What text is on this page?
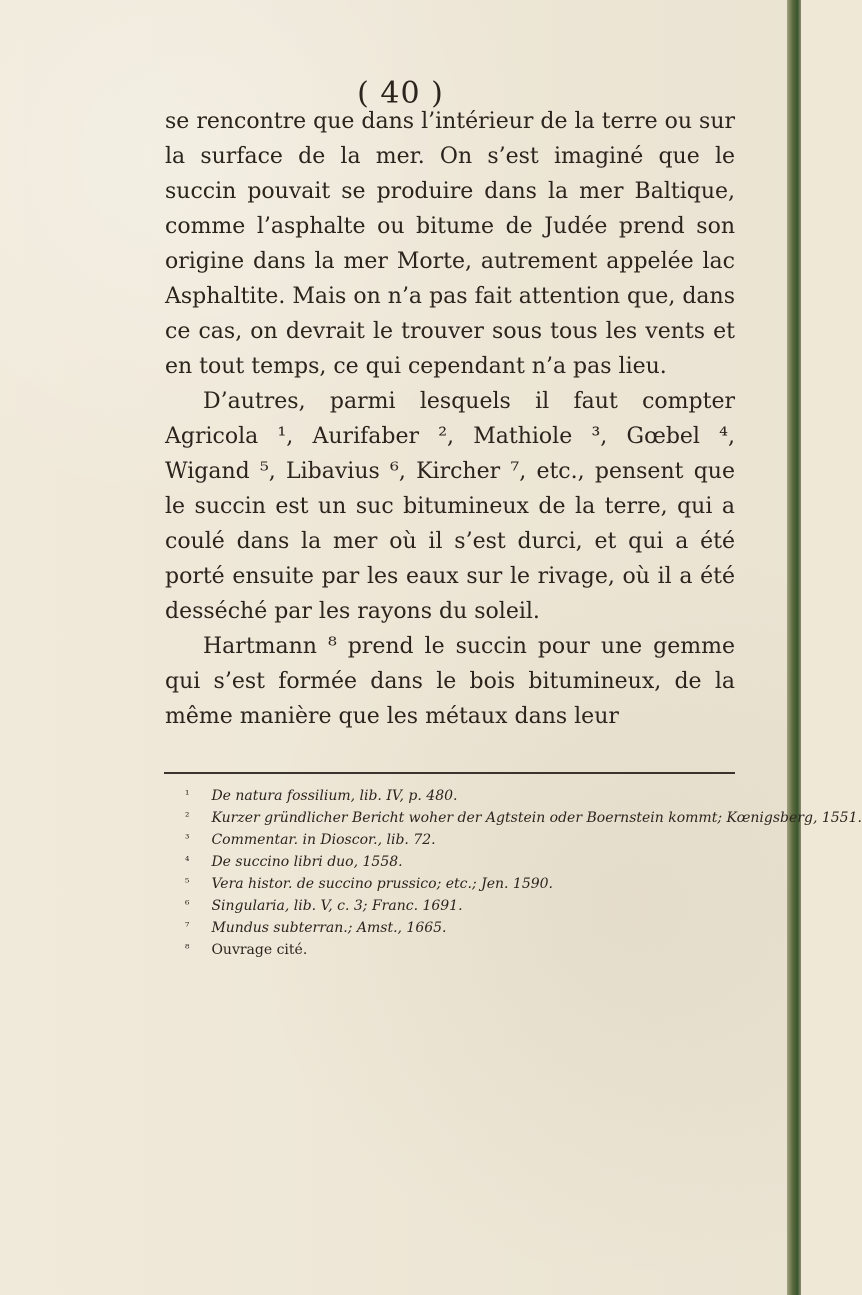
( 40 )

se rencontre que dans l’intérieur de la terre ou sur la surface de la mer. On s’est imaginé que le succin pouvait se produire dans la mer Baltique, comme l’asphalte ou bitume de Judée prend son origine dans la mer Morte, autrement appelée lac Asphaltite. Mais on n’a pas fait attention que, dans ce cas, on devrait le trouver sous tous les vents et en tout temps, ce qui cependant n’a pas lieu.

D’autres, parmi lesquels il faut compter Agricola ¹, Aurifaber ², Mathiole ³, Gœbel ⁴, Wigand ⁵, Libavius ⁶, Kircher ⁷, etc., pensent que le succin est un suc bitumineux de la terre, qui a coulé dans la mer où il s’est durci, et qui a été porté ensuite par les eaux sur le rivage, où il a été desséché par les rayons du soleil.

Hartmann ⁸ prend le succin pour une gemme qui s’est formée dans le bois bitumineux, de la même manière que les métaux dans leur

¹ De natura fossilium, lib. IV, p. 480.
² Kurzer gründlicher Bericht woher der Agtstein oder Boernstein kommt; Kœnigsberg, 1551.
³ Commentar. in Dioscor., lib. 72.
⁴ De succino libri duo, 1558.
⁵ Vera histor. de succino prussico; etc.; Jen. 1590.
⁶ Singularia, lib. V, c. 3; Franc. 1691.
⁷ Mundus subterran.; Amst., 1665.
⁸ Ouvrage cité.
